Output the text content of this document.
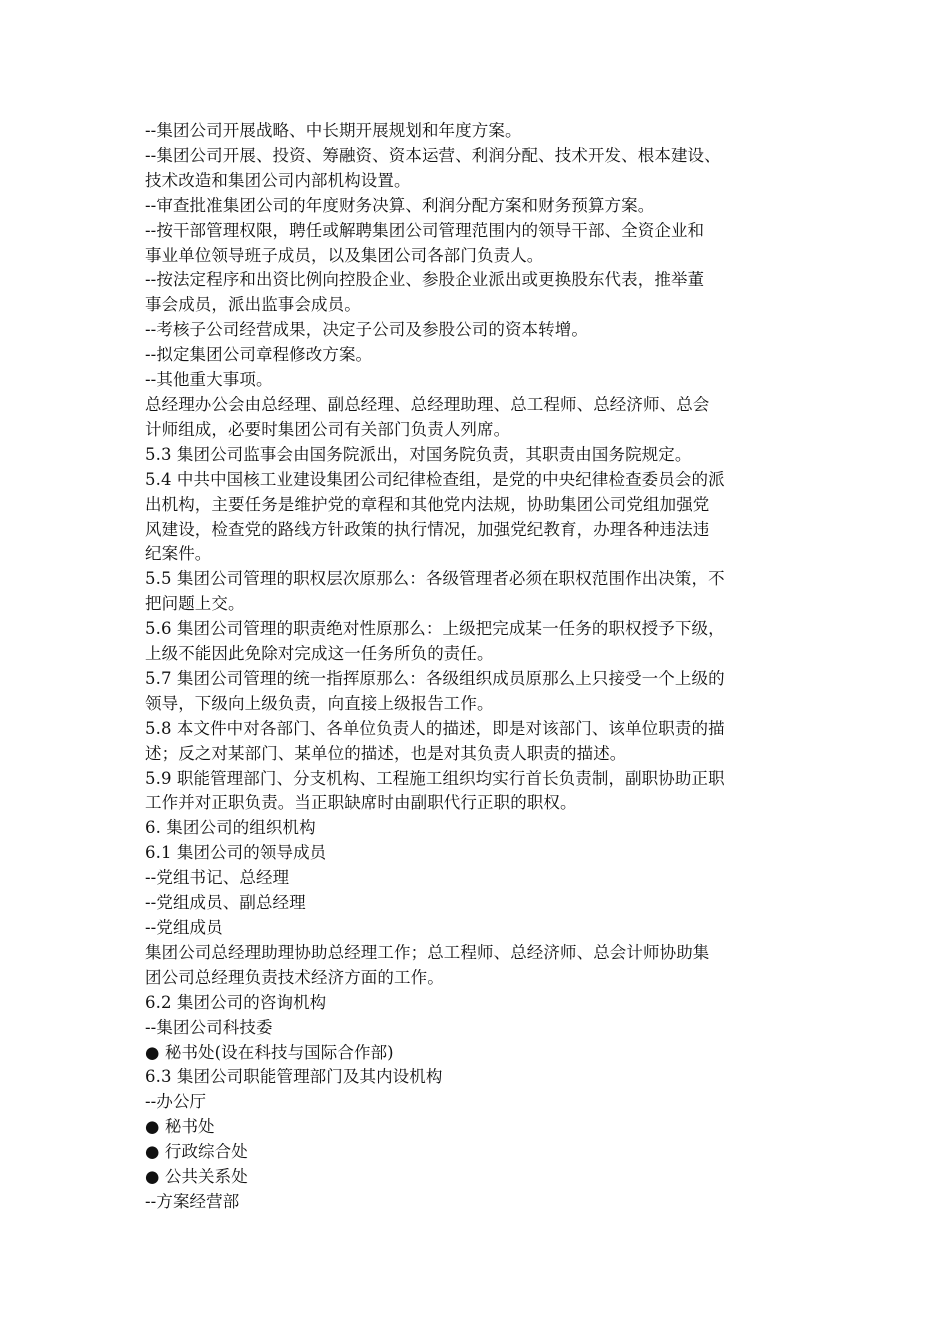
--集团公司开展战略、中长期开展规划和年度方案。
--集团公司开展、投资、筹融资、资本运营、利润分配、技术开发、根本建设、
技术改造和集团公司内部机构设置。
--审查批准集团公司的年度财务决算、利润分配方案和财务预算方案。
--按干部管理权限，聘任或解聘集团公司管理范围内的领导干部、全资企业和
事业单位领导班子成员，以及集团公司各部门负责人。
--按法定程序和出资比例向控股企业、参股企业派出或更换股东代表，推举董
事会成员，派出监事会成员。
--考核子公司经营成果，决定子公司及参股公司的资本转增。
--拟定集团公司章程修改方案。
--其他重大事项。
总经理办公会由总经理、副总经理、总经理助理、总工程师、总经济师、总会
计师组成，必要时集团公司有关部门负责人列席。
5.3 集团公司监事会由国务院派出，对国务院负责，其职责由国务院规定。
5.4 中共中国核工业建设集团公司纪律检查组，是党的中央纪律检查委员会的派
出机构，主要任务是维护党的章程和其他党内法规，协助集团公司党组加强党
风建设，检查党的路线方针政策的执行情况，加强党纪教育，办理各种违法违
纪案件。
5.5 集团公司管理的职权层次原那么：各级管理者必须在职权范围作出决策，不
把问题上交。
5.6 集团公司管理的职责绝对性原那么：上级把完成某一任务的职权授予下级，
上级不能因此免除对完成这一任务所负的责任。
5.7 集团公司管理的统一指挥原那么：各级组织成员原那么上只接受一个上级的
领导，下级向上级负责，向直接上级报告工作。
5.8 本文件中对各部门、各单位负责人的描述，即是对该部门、该单位职责的描
述；反之对某部门、某单位的描述，也是对其负责人职责的描述。
5.9 职能管理部门、分支机构、工程施工组织均实行首长负责制，副职协助正职
工作并对正职负责。当正职缺席时由副职代行正职的职权。
6. 集团公司的组织机构
6.1 集团公司的领导成员
--党组书记、总经理
--党组成员、副总经理
--党组成员
集团公司总经理助理协助总经理工作；总工程师、总经济师、总会计师协助集
团公司总经理负责技术经济方面的工作。
6.2 集团公司的咨询机构
--集团公司科技委
● 秘书处(设在科技与国际合作部)
6.3 集团公司职能管理部门及其内设机构
--办公厅
● 秘书处
● 行政综合处
● 公共关系处
--方案经营部
